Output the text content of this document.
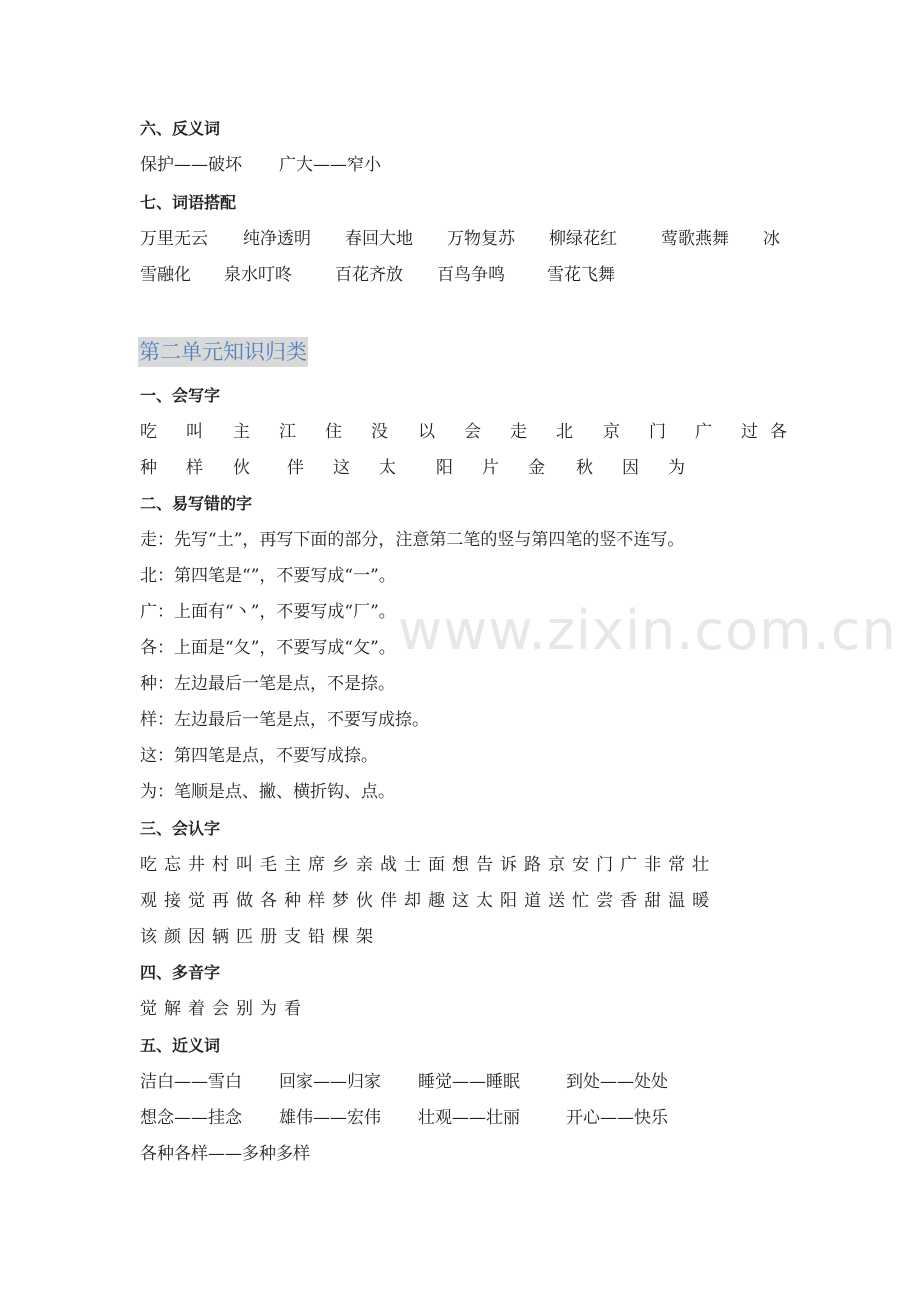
六、反义词
保护——破坏 广大——窄小
七、词语搭配
万里无云 纯净透明 春回大地 万物复苏 柳绿花红	莺歌燕舞 冰
雪融化 泉水叮咚	百花齐放 百鸟争鸣 雪花飞舞
第二单元知识归类
一、会写字
吃 叫 主 江 住 没 以 会 走 北 京 门 广 过 各
种 样 伙 伴 这 太 阳 片 金 秋 因 为
二、易写错的字
走：先写“土”，再写下面的部分，注意第二笔的竖与第四笔的竖不连写。
北：第四笔是“”，不要写成“一”。
广：上面有“丶”，不要写成“厂”。
各：上面是“夂”，不要写成“攵”。
种：左边最后一笔是点，不是捺。
样：左边最后一笔是点，不要写成捺。
这：第四笔是点，不要写成捺。
为：笔顺是点、撇、横折钩、点。
三、会认字
吃 忘 井 村 叫 毛 主 席 乡 亲 战 士 面 想 告 诉 路 京 安 门 广 非 常 壮
观 接 觉 再 做 各 种 样 梦 伙 伴 却 趣 这 太 阳 道 送 忙 尝 香 甜 温 暖
该 颜 因 辆 匹 册 支 铅 棵 架
四、多音字
觉 解 着 会 别 为 看
五、近义词
洁白——雪白 回家——归家 睡觉——睡眠	到处——处处
想念——挂念 雄伟——宏伟 壮观——壮丽	开心——快乐
各种各样——多种多样
www.zixin.com.cn
